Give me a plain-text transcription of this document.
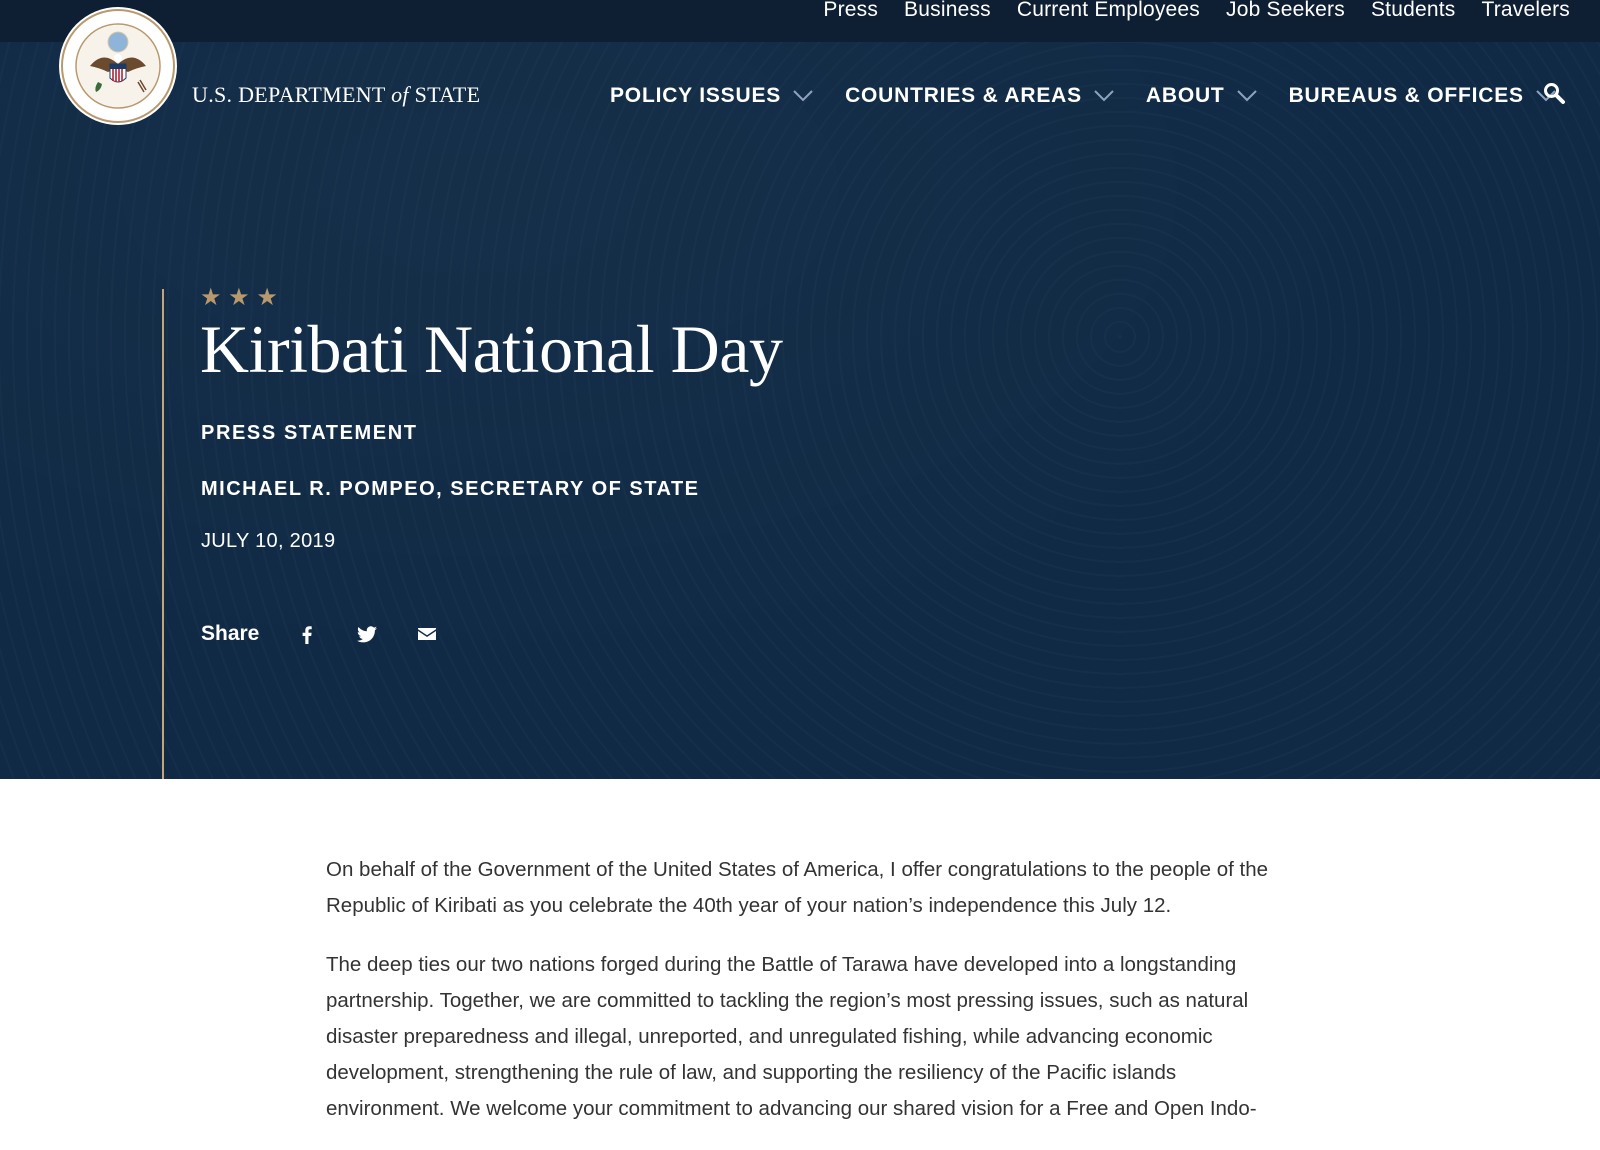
Press Business Current Employees Job Seekers Students Travelers
★ ★ ★
Kiribati National Day
PRESS STATEMENT
MICHAEL R. POMPEO, SECRETARY OF STATE
JULY 10, 2019
Share
U.S. DEPARTMENT of STATE	POLICY ISSUES	COUNTRIES & AREAS	ABOUT	BUREAUS & OFFICES

On behalf of the Government of the United States of America, I offer congratulations to the people of the Republic of Kiribati as you celebrate the 40th year of your nation’s independence this July 12.

The deep ties our two nations forged during the Battle of Tarawa have developed into a longstanding partnership. Together, we are committed to tackling the region’s most pressing issues, such as natural disaster preparedness and illegal, unreported, and unregulated fishing, while advancing economic development, strengthening the rule of law, and supporting the resiliency of the Pacific islands environment. We welcome your commitment to advancing our shared vision for a Free and Open Indo-
